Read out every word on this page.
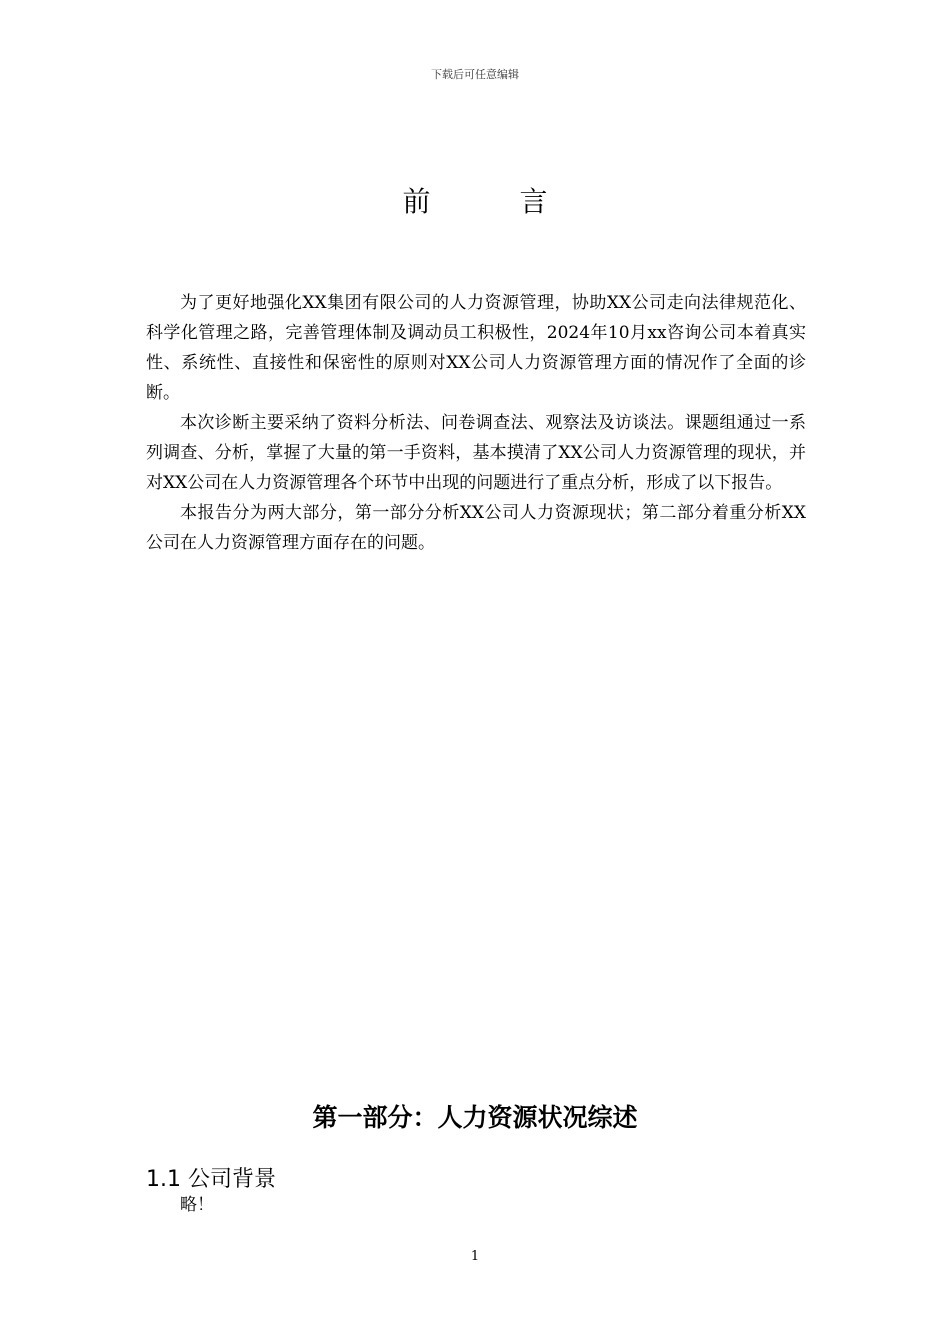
下载后可任意编辑
前 言

为了更好地强化XX集团有限公司的人力资源管理，协助XX公司走向法律规范化、科学化管理之路，完善管理体制及调动员工积极性，2024年10月xx咨询公司本着真实性、系统性、直接性和保密性的原则对XX公司人力资源管理方面的情况作了全面的诊断。

本次诊断主要采纳了资料分析法、问卷调查法、观察法及访谈法。课题组通过一系列调查、分析，掌握了大量的第一手资料，基本摸清了XX公司人力资源管理的现状，并对XX公司在人力资源管理各个环节中出现的问题进行了重点分析，形成了以下报告。

本报告分为两大部分，第一部分分析XX公司人力资源现状；第二部分着重分析XX公司在人力资源管理方面存在的问题。

第一部分：人力资源状况综述
1.1 公司背景

略！

1
